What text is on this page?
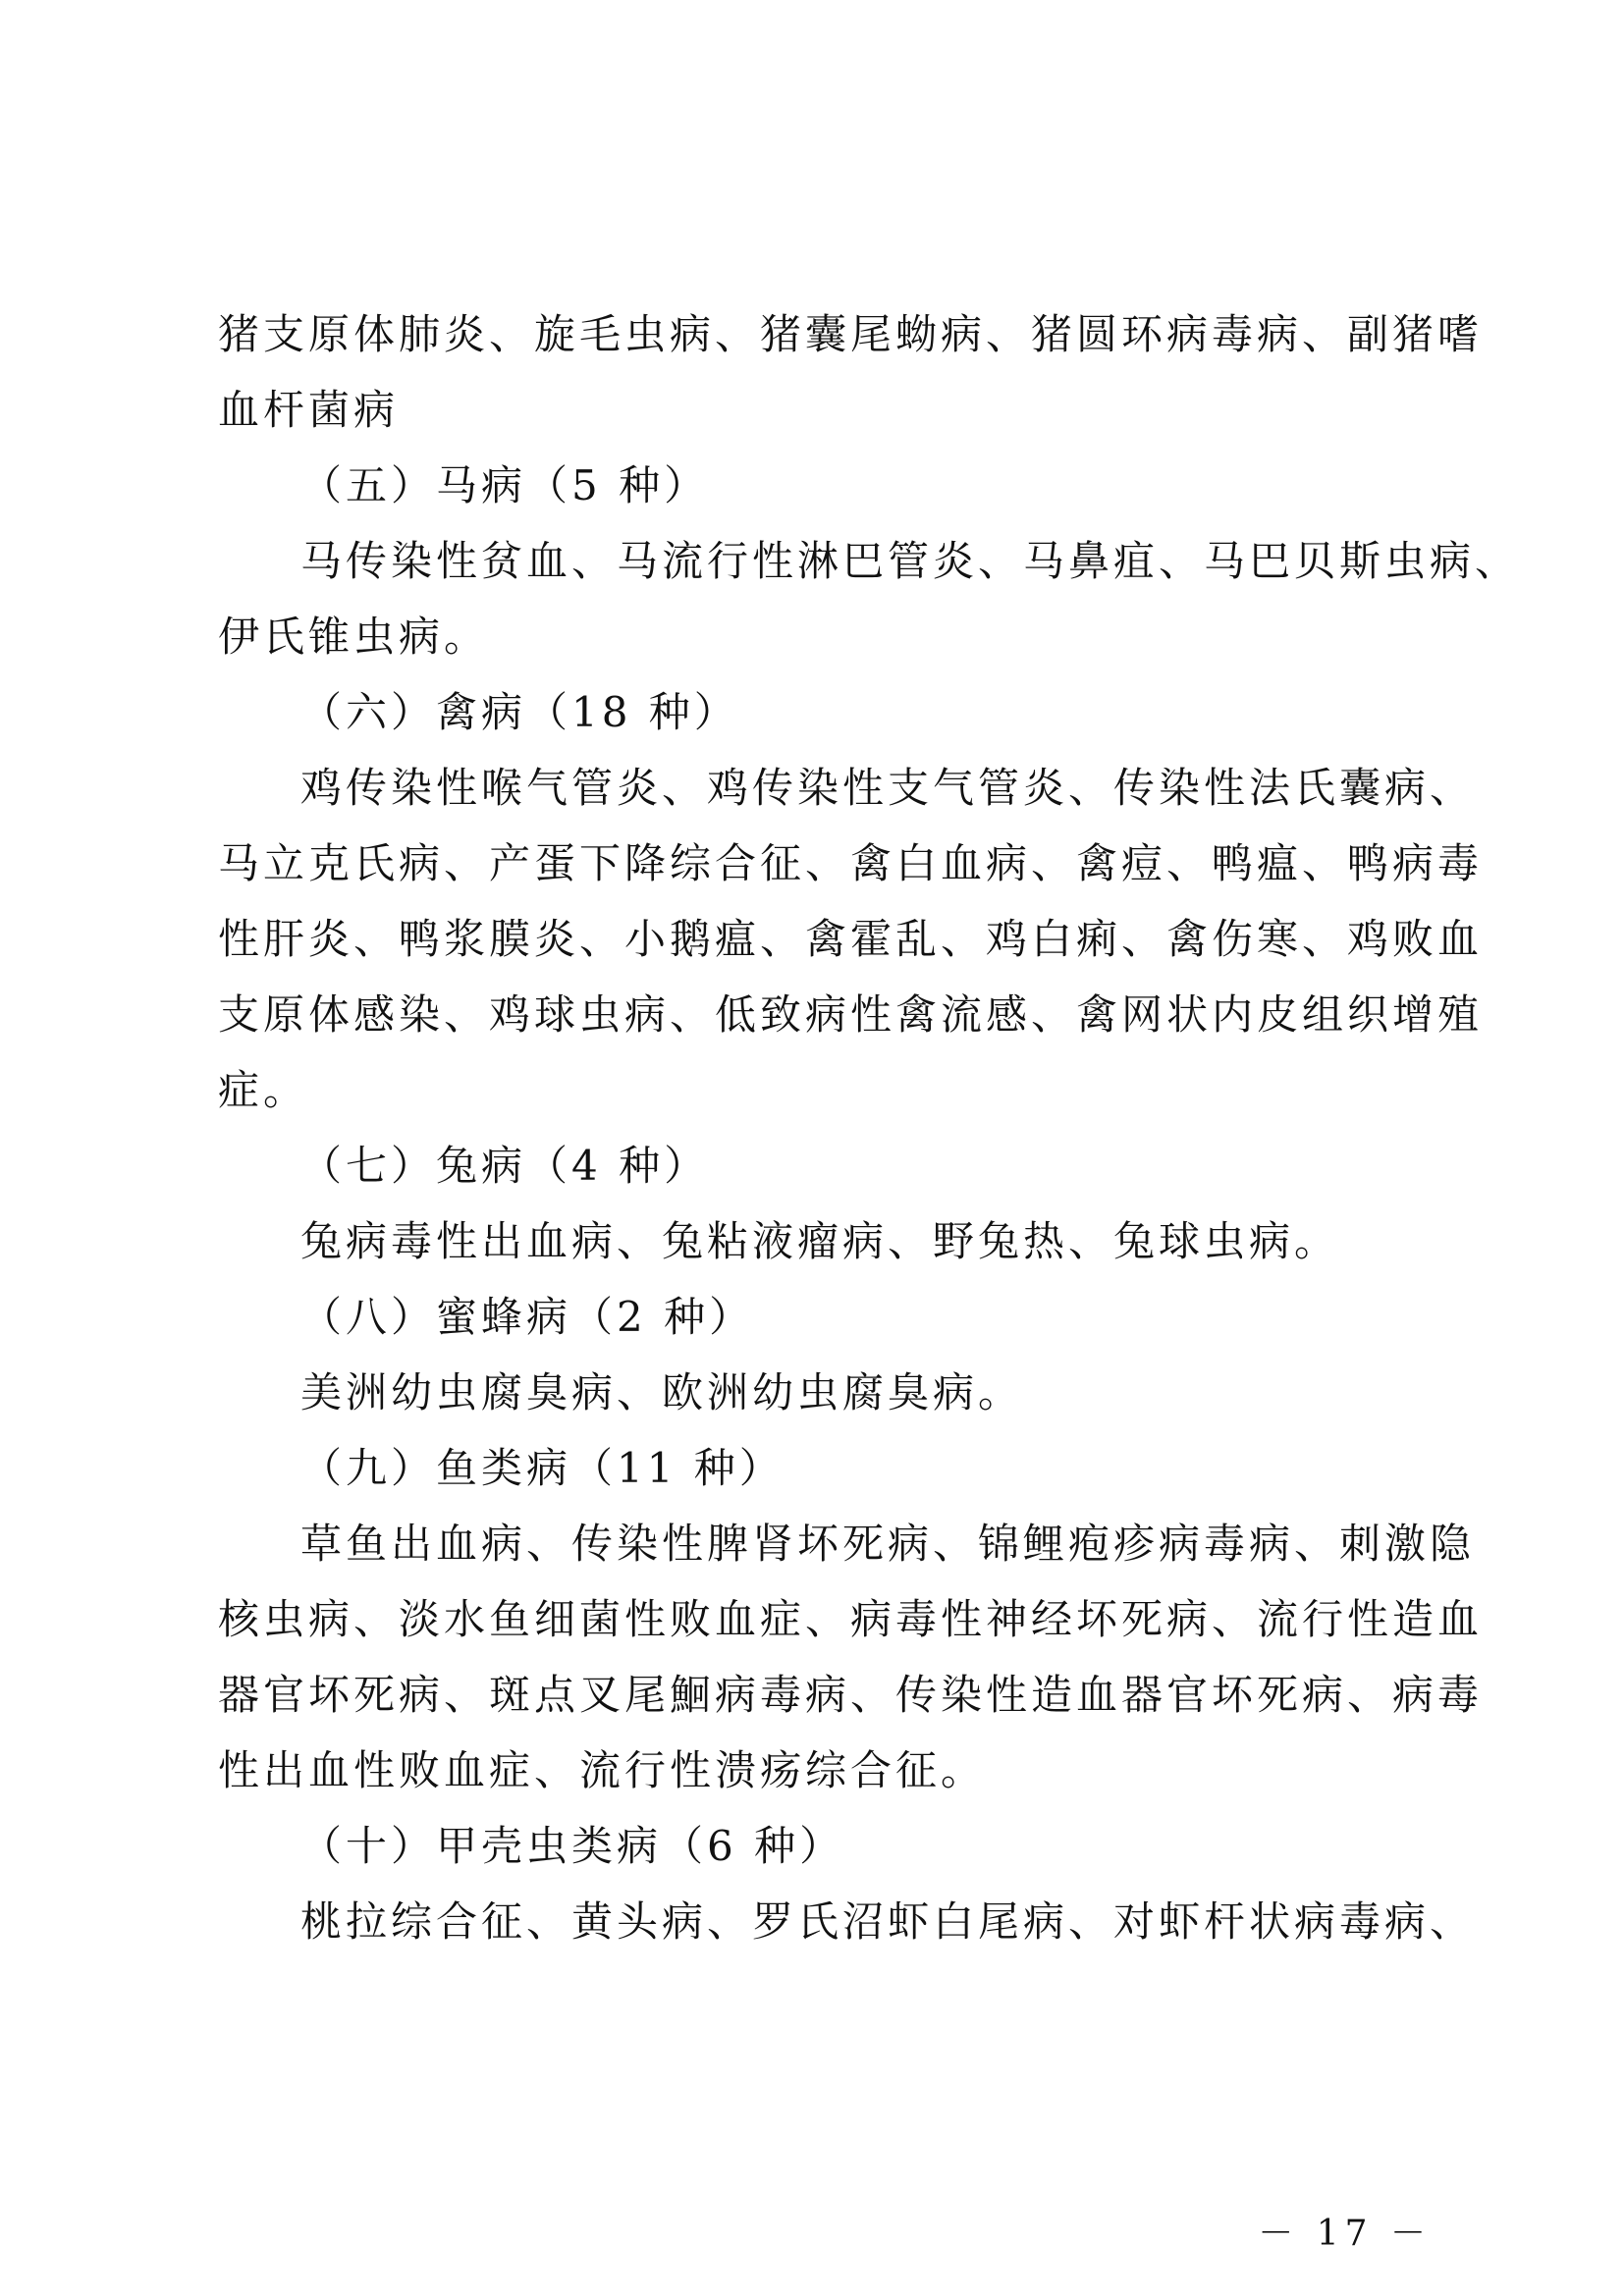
猪支原体肺炎、旋毛虫病、猪囊尾蚴病、猪圆环病毒病、副猪嗜
血杆菌病
（五）马病（5 种）
马传染性贫血、马流行性淋巴管炎、马鼻疽、马巴贝斯虫病、
伊氏锥虫病。
（六）禽病（18 种）
鸡传染性喉气管炎、鸡传染性支气管炎、传染性法氏囊病、
马立克氏病、产蛋下降综合征、禽白血病、禽痘、鸭瘟、鸭病毒
性肝炎、鸭浆膜炎、小鹅瘟、禽霍乱、鸡白痢、禽伤寒、鸡败血
支原体感染、鸡球虫病、低致病性禽流感、禽网状内皮组织增殖
症。
（七）兔病（4 种）
兔病毒性出血病、兔粘液瘤病、野兔热、兔球虫病。
（八）蜜蜂病（2 种）
美洲幼虫腐臭病、欧洲幼虫腐臭病。
（九）鱼类病（11 种）
草鱼出血病、传染性脾肾坏死病、锦鲤疱疹病毒病、刺激隐
核虫病、淡水鱼细菌性败血症、病毒性神经坏死病、流行性造血
器官坏死病、斑点叉尾鮰病毒病、传染性造血器官坏死病、病毒
性出血性败血症、流行性溃疡综合征。
（十）甲壳虫类病（6 种）
桃拉综合征、黄头病、罗氏沼虾白尾病、对虾杆状病毒病、
－ 17 －
